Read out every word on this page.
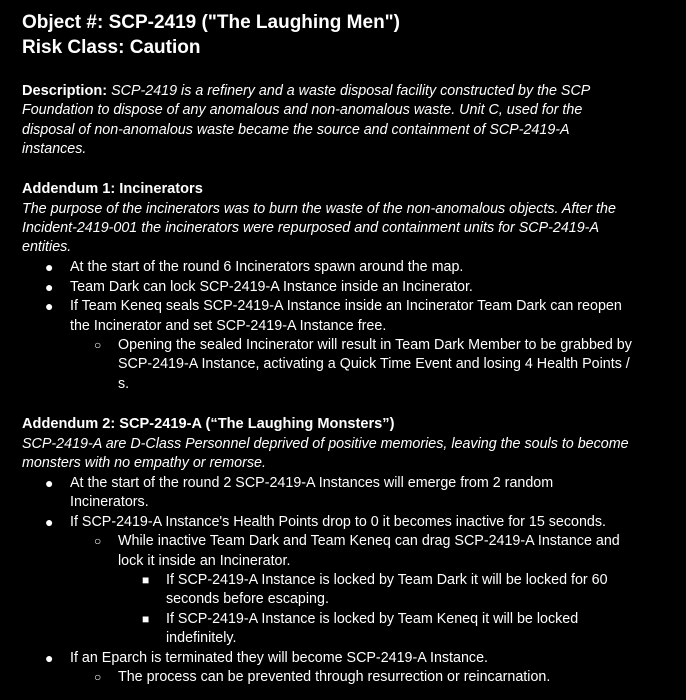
Object #: SCP-2419 ("The Laughing Men")
Risk Class: Caution
Description: SCP-2419 is a refinery and a waste disposal facility constructed by the SCP
Foundation to dispose of any anomalous and non-anomalous waste. Unit C, used for the
disposal of non-anomalous waste became the source and containment of SCP-2419-A
instances.
Addendum 1: Incinerators
The purpose of the incinerators was to burn the waste of the non-anomalous objects. After the
Incident-2419-001 the incinerators were repurposed and containment units for SCP-2419-A
entities.
● At the start of the round 6 Incinerators spawn around the map.
● Team Dark can lock SCP-2419-A Instance inside an Incinerator.
● If Team Keneq seals SCP-2419-A Instance inside an Incinerator Team Dark can reopen
the Incinerator and set SCP-2419-A Instance free.
○ Opening the sealed Incinerator will result in Team Dark Member to be grabbed by
SCP-2419-A Instance, activating a Quick Time Event and losing 4 Health Points /
s.
Addendum 2: SCP-2419-A (“The Laughing Monsters”)
SCP-2419-A are D-Class Personnel deprived of positive memories, leaving the souls to become
monsters with no empathy or remorse.
● At the start of the round 2 SCP-2419-A Instances will emerge from 2 random
Incinerators.
● If SCP-2419-A Instance's Health Points drop to 0 it becomes inactive for 15 seconds.
○ While inactive Team Dark and Team Keneq can drag SCP-2419-A Instance and
lock it inside an Incinerator.
■ If SCP-2419-A Instance is locked by Team Dark it will be locked for 60
seconds before escaping.
■ If SCP-2419-A Instance is locked by Team Keneq it will be locked
indefinitely.
● If an Eparch is terminated they will become SCP-2419-A Instance.
○ The process can be prevented through resurrection or reincarnation.
